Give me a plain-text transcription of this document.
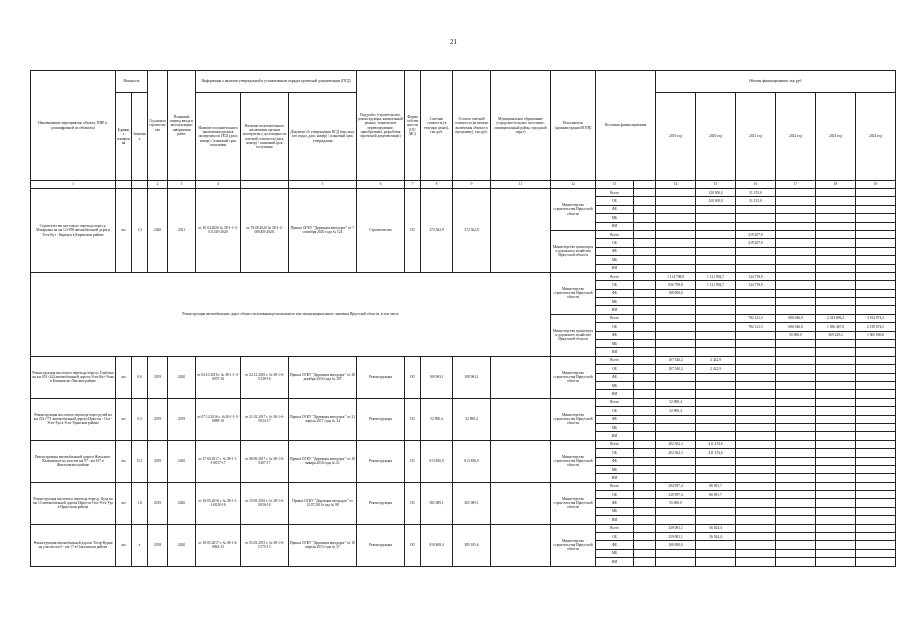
21
Наименование мероприятия, объекта, ПИР (с расшифровкой по объектам)	Мощность		Год начала строительства	Плановый период ввода в эксплуатацию/ завершения работ	Информация о наличии утвержденной в установленном порядке проектной документации (ПСД)			Вид работ (строительство, реконструкция, капитальный ремонт, техническое перевооружение, приобретение, разработка проектной документации)	Форма собственности (ОС/ МС)	Сметная стоимость (в текущих ценах), тыс.руб.	Остаток сметной стоимости (на момент включения объекта в программу), тыс.руб.	Муниципальное образование (городское/сельское поселение, муниципальный район, городской округ)	Исполнитель (администрация ИОГВ)	Источник финансирования		Объемы финансирования, тыс.руб.					
	Единица измерения	Значение			Наличие положительного заключения органов экспертизы по ПСД (дата, номер) / плановый срок получения	Наличие положительного заключения органов экспертизы о достоверности сметной стоимости (дата, номер) / плановый срок получения	Документ об утверждении ПСД (вид акта, кто издал, дата, номер) / плановый срок утверждения									2019 год	2020 год	2021 год	2022 год	2023 год	2024 год
1			2	3	4		5	6	7	8	9	11	12	13		14	15	16	17	18	19
Строительство мостового перехода через р. Макаровка на км 12+958 автомобильной дороги Усть-Кут - Киренск в Киренском районе	км	1,3	2020	2021	от 10.04.2020 № 38-1-1-3-011410-2020	от 19.08.2020 № 38-1-2-000405-2020,	Приказ ОГКУ "Дирекция автодорог" от 7 сентября 2020 года № 124	Строительство	ОС	272 362,9	272 362,9		Министерство строительства Иркутской области	Всего			120 300,0	51 155,0			
														ОБ			120 300,0	51 155,0			
														ФБ							
														МБ							
														ИИ							
													Министерство транспорта и дорожного хозяйства Иркутской области	Всего				219 207,9			
														ОБ				219 207,9			
														ФБ							
														МБ							
														ИИ							
Реконструкция автомобильных дорог общего пользования регионального или межмуниципального значения Иркутской области, в том числе													Министерство строительства Иркутской области	Всего		1 114 798,8	1 121 894,7	144 739,9			
														ОБ		926 798,8	1 121 894,7	144 739,9			
														ФБ		188 000,0					
														МБ							
														ИИ							
													Министерство транспорта и дорожного хозяйства Иркутской области	Всего				782 121,5	686 046,0	2 323 896,2	3 163 074,5
														ОБ				782 121,5	686 046,0	1 956 467,0	2 158 074,5
														ФБ					50 000,0	369 429,2	1 005 000,0
														МБ							
														ИИ							
Реконструкция мостового перехода через р. Горбатка на км 201+244 автомобильной дороги Усть-Кут-Уоян в Казачинско-Ленском районе	км	0,6	2019	2020	от 04.10.2016 г № 38-1-1-3-0075-16	от 22.12.2016 г. № 38-1-6-0139-16	Приказ ОГКУ "Дирекция автодорог" от 28 декабря 2016 года № 187	Реконструкция	ОС	109 963,1	109 963,1		Министерство строительства Иркутской области	Всего		107 540,2	2 422,9				
														ОБ		107 540,2	2 422,9				
														ФБ							
														МБ							
														ИИ							
Реконструкция мостового перехода через ручей на км 232+771 автомобильной дороги Иркутск - Оса - Усть-Уда в Усть-Удинском районе	км	0,3	2019	2019	от 07.12.2016 г. №38-1-1-3-0089-16	от 21.02.2017 г. № 38-1-6-0034-17	Приказ ОГКУ "Дирекция автодорог" от 21 апреля 2017 года № 34	Реконструкция	ОС	52 890,4	52 890,4		Министерство строительства Иркутской области	Всего		52 890,4					
														ОБ		52 890,4					
														ФБ							
														МБ							
														ИИ							
Реконструкция автомобильной дороги Жигалово-Казачинское на участке км 97 - км 107 в Жигаловском районе	км	15,1	2019	2020	от 27.04.2017 г. № 38-1-1-3-0037-17	от 08.09.2017 г. № 38-1-6-0207-17	Приказ ОГКУ "Дирекция автодорог" от 29 января 2018 года № 21	Реконструкция	ОС	613 836,9	613 836,9		Министерство строительства Иркутской области	Всего		202 362,3	411 474,6				
														ОБ		202 362,3	411 474,6				
														ФБ							
														МБ							
														ИИ							
Реконструкция мостового перехода через р. Куда на км 15 автомобильной дороги Иркутск-Оса-Усть-Уда в Иркутском районе	км	1,6	2019	2020	от 19.05.2016 г. № 38-1-1-3-0020-16	от 19.05.2016 г. № 38-1-6-0036-16	Приказ ОГКУ "Дирекция автодорог" от 12.07.2016 года № 98	Реконструкция	ОС	381 089,1	381 089,1		Министерство строительства Иркутской области	Всего		294 997,4	86 091,7				
														ОБ		239 997,4	86 091,7				
														ФБ		55 000,0					
														МБ							
														ИИ							
Реконструкция автомобильной дороги Тотэр-Курма на участке км 0 - км 17 в Ольхонском районе	км	х	2018	2020	от 18.05.2017 г. № 38-1-4-0062-13	от 03.03.2015 г. № 38-1-6-0175-13	Приказ ОГКУ "Дирекция автодорог" от 10 апреля 2015 года № 37	Реконструкция	ОС	910 408,4	385 105,6		Министерство строительства Иркутской области	Всего		329 081,1	56 024,4				
														ОБ		229 081,1	56 024,4				
														ФБ		100 000,0					
														МБ							
														ИИ							
